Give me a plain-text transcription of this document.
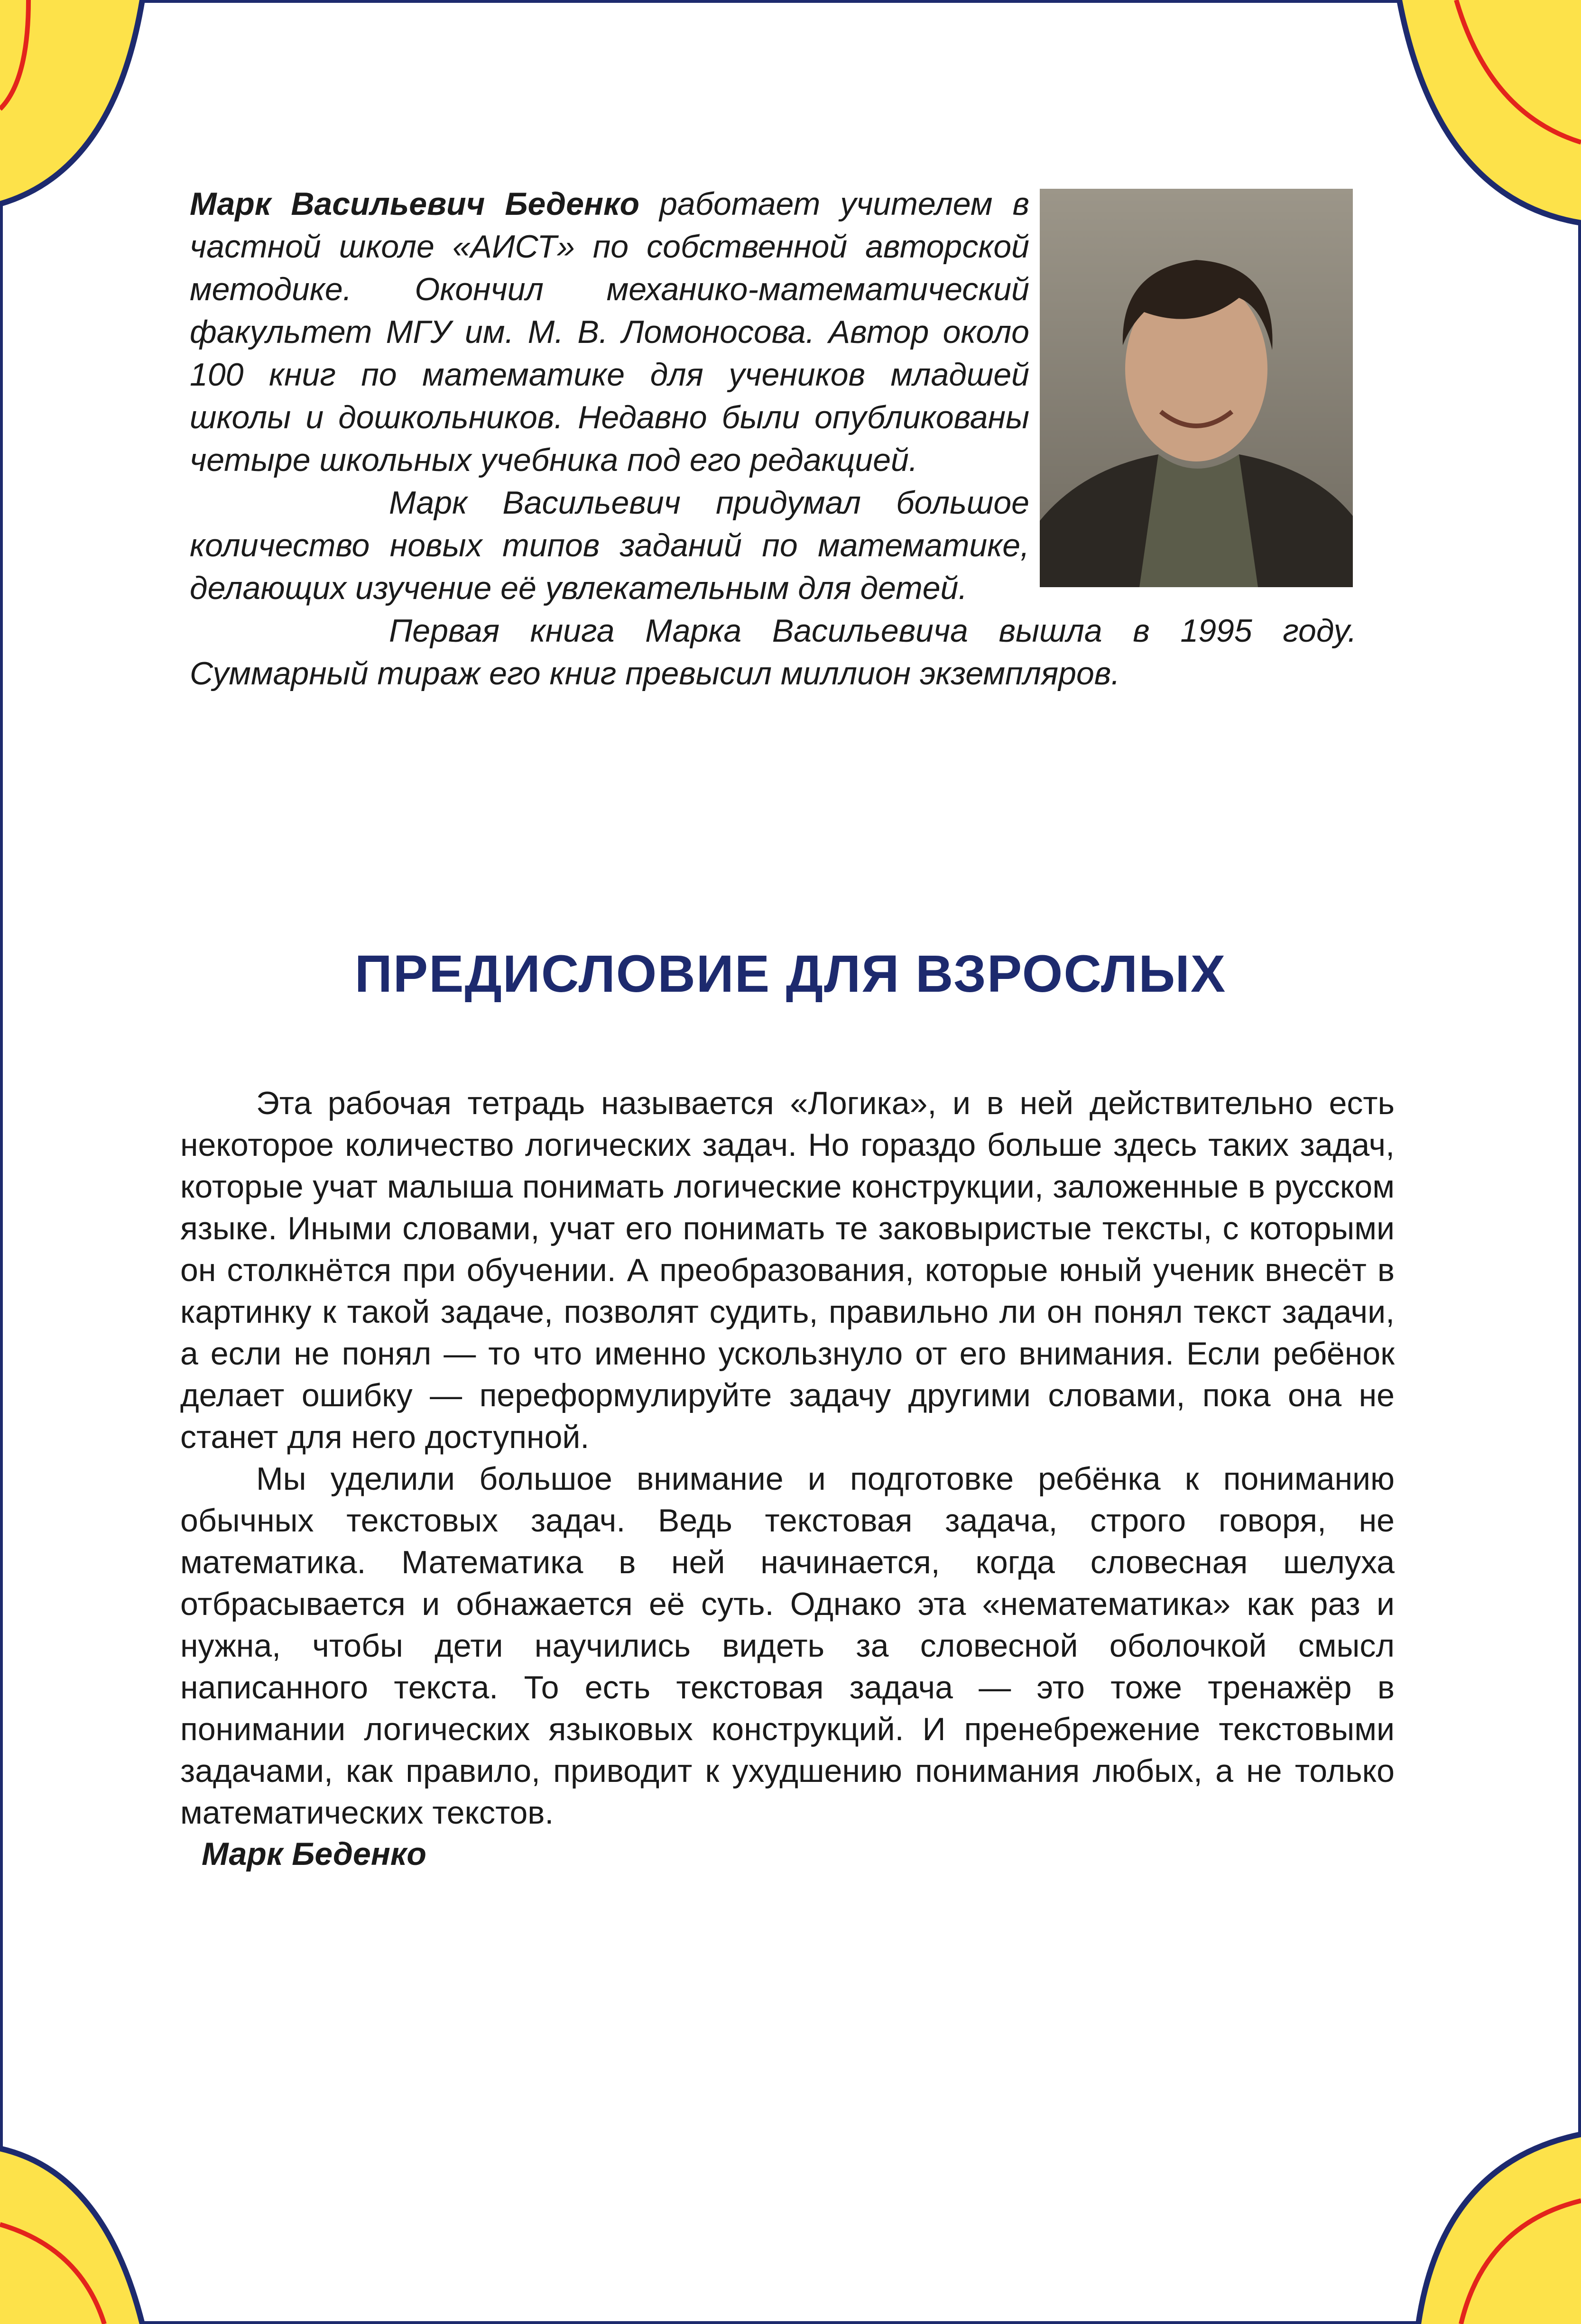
Марк Васильевич Беденко работает учителем в частной школе «АИСТ» по собственной авторской методике. Окончил механико-математический факультет МГУ им. М. В. Ломоносова. Автор около 100 книг по математике для учеников младшей школы и дошкольников. Недавно были опубликованы четыре школьных учебника под его редакцией.

Марк Васильевич придумал большое количество новых типов заданий по математике, делающих изучение её увлекательным для детей.

Первая книга Марка Васильевича вышла в 1995 году. Суммарный тираж его книг превысил миллион экземпляров.

ПРЕДИСЛОВИЕ ДЛЯ ВЗРОСЛЫХ

Эта рабочая тетрадь называется «Логика», и в ней действительно есть некоторое количество логических задач. Но гораздо больше здесь таких задач, которые учат малыша понимать логические конструкции, заложенные в русском языке. Иными словами, учат его понимать те заковыристые тексты, с которыми он столкнётся при обучении. А преобразования, которые юный ученик внесёт в картинку к такой задаче, позволят судить, правильно ли он понял текст задачи, а если не понял — то что именно ускользнуло от его внимания. Если ребёнок делает ошибку — переформулируйте задачу другими словами, пока она не станет для него доступной.

Мы уделили большое внимание и подготовке ребёнка к пониманию обычных текстовых задач. Ведь текстовая задача, строго говоря, не математика. Математика в ней начинается, когда словесная шелуха отбрасывается и обнажается её суть. Однако эта «нематематика» как раз и нужна, чтобы дети научились видеть за словесной оболочкой смысл написанного текста. То есть текстовая задача — это тоже тренажёр в понимании логических языковых конструкций. И пренебрежение текстовыми задачами, как правило, приводит к ухудшению понимания любых, а не только математических текстов.

Марк Беденко
